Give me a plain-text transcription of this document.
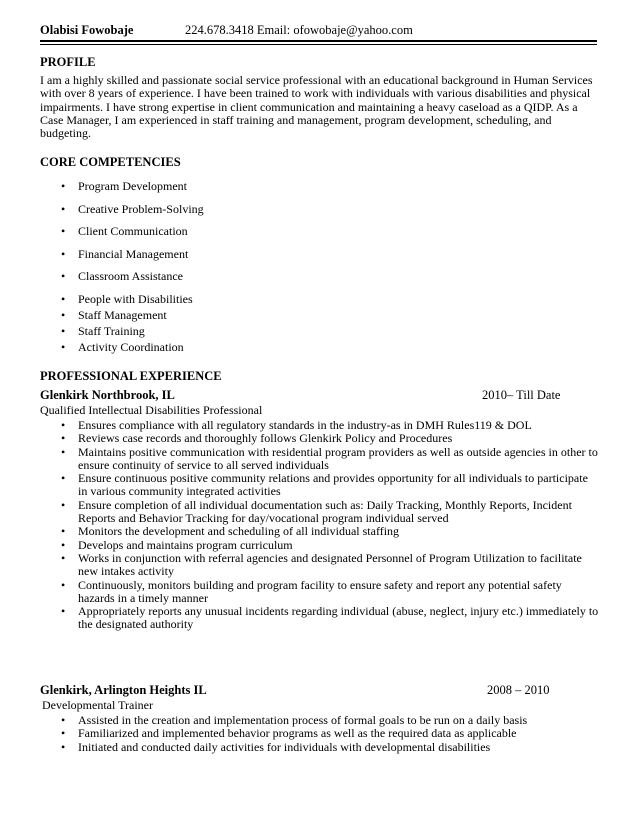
Olabisi Fowobaje	224.678.3418 Email: ofowobaje@yahoo.com
PROFILE
I am a highly skilled and passionate social service professional with an educational background in Human Services with over 8 years of experience. I have been trained to work with individuals with various disabilities and physical impairments. I have strong expertise in client communication and maintaining a heavy caseload as a QIDP. As a Case Manager, I am experienced in staff training and management, program development, scheduling, and budgeting.
CORE COMPETENCIES
• Program Development
• Creative Problem-Solving
• Client Communication
• Financial Management
• Classroom Assistance
• People with Disabilities
• Staff Management
• Staff Training
• Activity Coordination
PROFESSIONAL EXPERIENCE
Glenkirk Northbrook, IL	2010– Till Date
Qualified Intellectual Disabilities Professional
• Ensures compliance with all regulatory standards in the industry-as in DMH Rules119 & DOL
• Reviews case records and thoroughly follows Glenkirk Policy and Procedures
• Maintains positive communication with residential program providers as well as outside agencies in other to ensure continuity of service to all served individuals
• Ensure continuous positive community relations and provides opportunity for all individuals to participate in various community integrated activities
• Ensure completion of all individual documentation such as: Daily Tracking, Monthly Reports, Incident Reports and Behavior Tracking for day/vocational program individual served
• Monitors the development and scheduling of all individual staffing
• Develops and maintains program curriculum
• Works in conjunction with referral agencies and designated Personnel of Program Utilization to facilitate new intakes activity
• Continuously, monitors building and program facility to ensure safety and report any potential safety hazards in a timely manner
• Appropriately reports any unusual incidents regarding individual (abuse, neglect, injury etc.) immediately to the designated authority
Glenkirk, Arlington Heights IL	2008 – 2010
Developmental Trainer
• Assisted in the creation and implementation process of formal goals to be run on a daily basis
• Familiarized and implemented behavior programs as well as the required data as applicable
• Initiated and conducted daily activities for individuals with developmental disabilities
